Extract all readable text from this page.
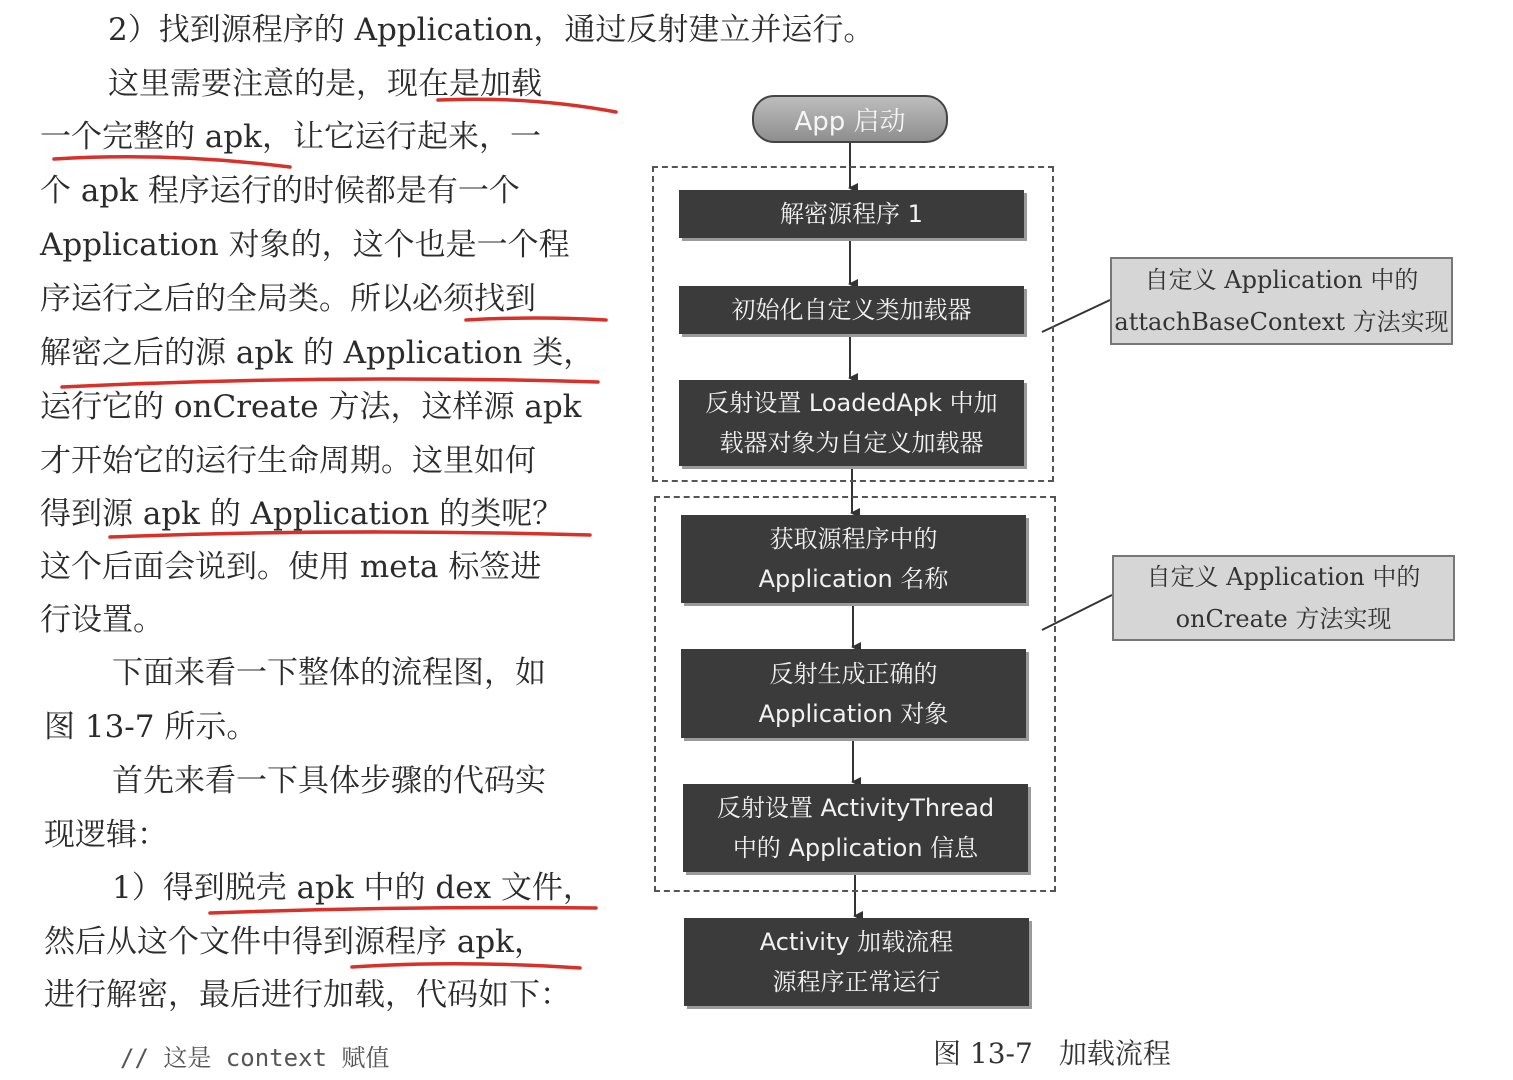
2）找到源程序的 Application，通过反射建立并运行。
这里需要注意的是，现在是加载
一个完整的 apk，让它运行起来，一
个 apk 程序运行的时候都是有一个
Application 对象的，这个也是一个程
序运行之后的全局类。所以必须找到
解密之后的源 apk 的 Application 类，
运行它的 onCreate 方法，这样源 apk
才开始它的运行生命周期。这里如何
得到源 apk 的 Application 的类呢？
这个后面会说到。使用 meta 标签进
行设置。
下面来看一下整体的流程图，如
图 13-7 所示。
首先来看一下具体步骤的代码实
现逻辑：
1）得到脱壳 apk 中的 dex 文件，
然后从这个文件中得到源程序 apk，
进行解密，最后进行加载，代码如下：
// 这是 context 赋值
App 启动
解密源程序 1
初始化自定义类加载器
反射设置 LoadedApk 中加
载器对象为自定义加载器
获取源程序中的
Application 名称
反射生成正确的
Application 对象
反射设置 ActivityThread
中的 Application 信息
Activity 加载流程
源程序正常运行
自定义 Application 中的
attachBaseContext 方法实现
自定义 Application 中的
onCreate 方法实现
图 13-7 加载流程
